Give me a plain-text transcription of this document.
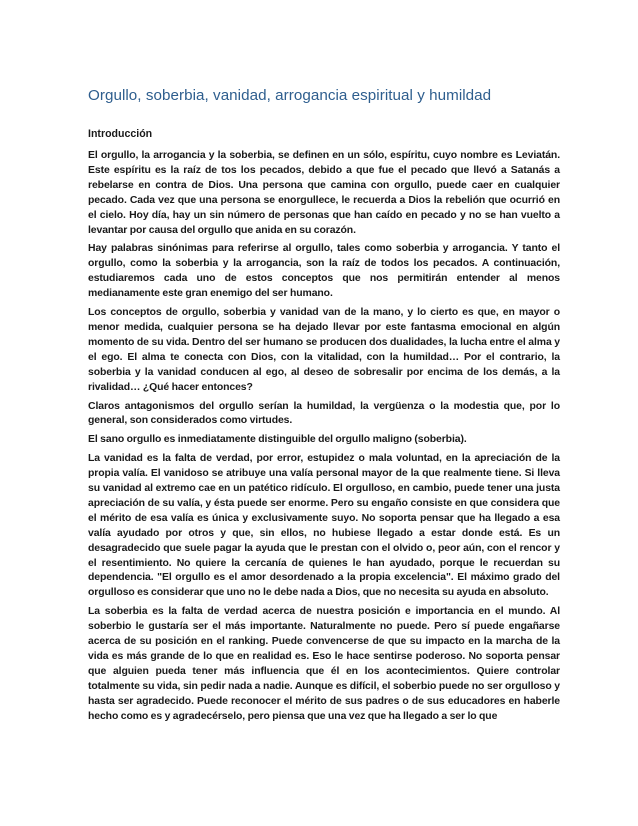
Orgullo, soberbia, vanidad, arrogancia espiritual y humildad
Introducción

El orgullo, la arrogancia y la soberbia, se definen en un sólo, espíritu, cuyo nombre es Leviatán. Este espíritu es la raíz de tos los pecados, debido a que fue el pecado que llevó a Satanás a rebelarse en contra de Dios. Una persona que camina con orgullo, puede caer en cualquier pecado. Cada vez que una persona se enorgullece, le recuerda a Dios la rebelión que ocurrió en el cielo. Hoy día, hay un sin número de personas que han caído en pecado y no se han vuelto a levantar por causa del orgullo que anida en su corazón.

Hay palabras sinónimas para referirse al orgullo, tales como soberbia y arrogancia. Y tanto el orgullo, como la soberbia y la arrogancia, son la raíz de todos los pecados. A continuación, estudiaremos cada uno de estos conceptos que nos permitirán entender al menos medianamente este gran enemigo del ser humano.

Los conceptos de orgullo, soberbia y vanidad van de la mano, y lo cierto es que, en mayor o menor medida, cualquier persona se ha dejado llevar por este fantasma emocional en algún momento de su vida. Dentro del ser humano se producen dos dualidades, la lucha entre el alma y el ego. El alma te conecta con Dios, con la vitalidad, con la humildad… Por el contrario, la soberbia y la vanidad conducen al ego, al deseo de sobresalir por encima de los demás, a la rivalidad… ¿Qué hacer entonces?

Claros antagonismos del orgullo serían la humildad, la vergüenza o la modestia que, por lo general, son considerados como virtudes.

El sano orgullo es inmediatamente distinguible del orgullo maligno (soberbia).

La vanidad es la falta de verdad, por error, estupidez o mala voluntad, en la apreciación de la propia valía. El vanidoso se atribuye una valía personal mayor de la que realmente tiene. Si lleva su vanidad al extremo cae en un patético ridículo. El orgulloso, en cambio, puede tener una justa apreciación de su valía, y ésta puede ser enorme. Pero su engaño consiste en que considera que el mérito de esa valía es única y exclusivamente suyo. No soporta pensar que ha llegado a esa valía ayudado por otros y que, sin ellos, no hubiese llegado a estar donde está. Es un desagradecido que suele pagar la ayuda que le prestan con el olvido o, peor aún, con el rencor y el resentimiento. No quiere la cercanía de quienes le han ayudado, porque le recuerdan su dependencia. "El orgullo es el amor desordenado a la propia excelencia". El máximo grado del orgulloso es considerar que uno no le debe nada a Dios, que no necesita su ayuda en absoluto.

La soberbia es la falta de verdad acerca de nuestra posición e importancia en el mundo. Al soberbio le gustaría ser el más importante. Naturalmente no puede. Pero sí puede engañarse acerca de su posición en el ranking. Puede convencerse de que su impacto en la marcha de la vida es más grande de lo que en realidad es. Eso le hace sentirse poderoso. No soporta pensar que alguien pueda tener más influencia que él en los acontecimientos. Quiere controlar totalmente su vida, sin pedir nada a nadie. Aunque es difícil, el soberbio puede no ser orgulloso y hasta ser agradecido. Puede reconocer el mérito de sus padres o de sus educadores en haberle hecho como es y agradecérselo, pero piensa que una vez que ha llegado a ser lo que
